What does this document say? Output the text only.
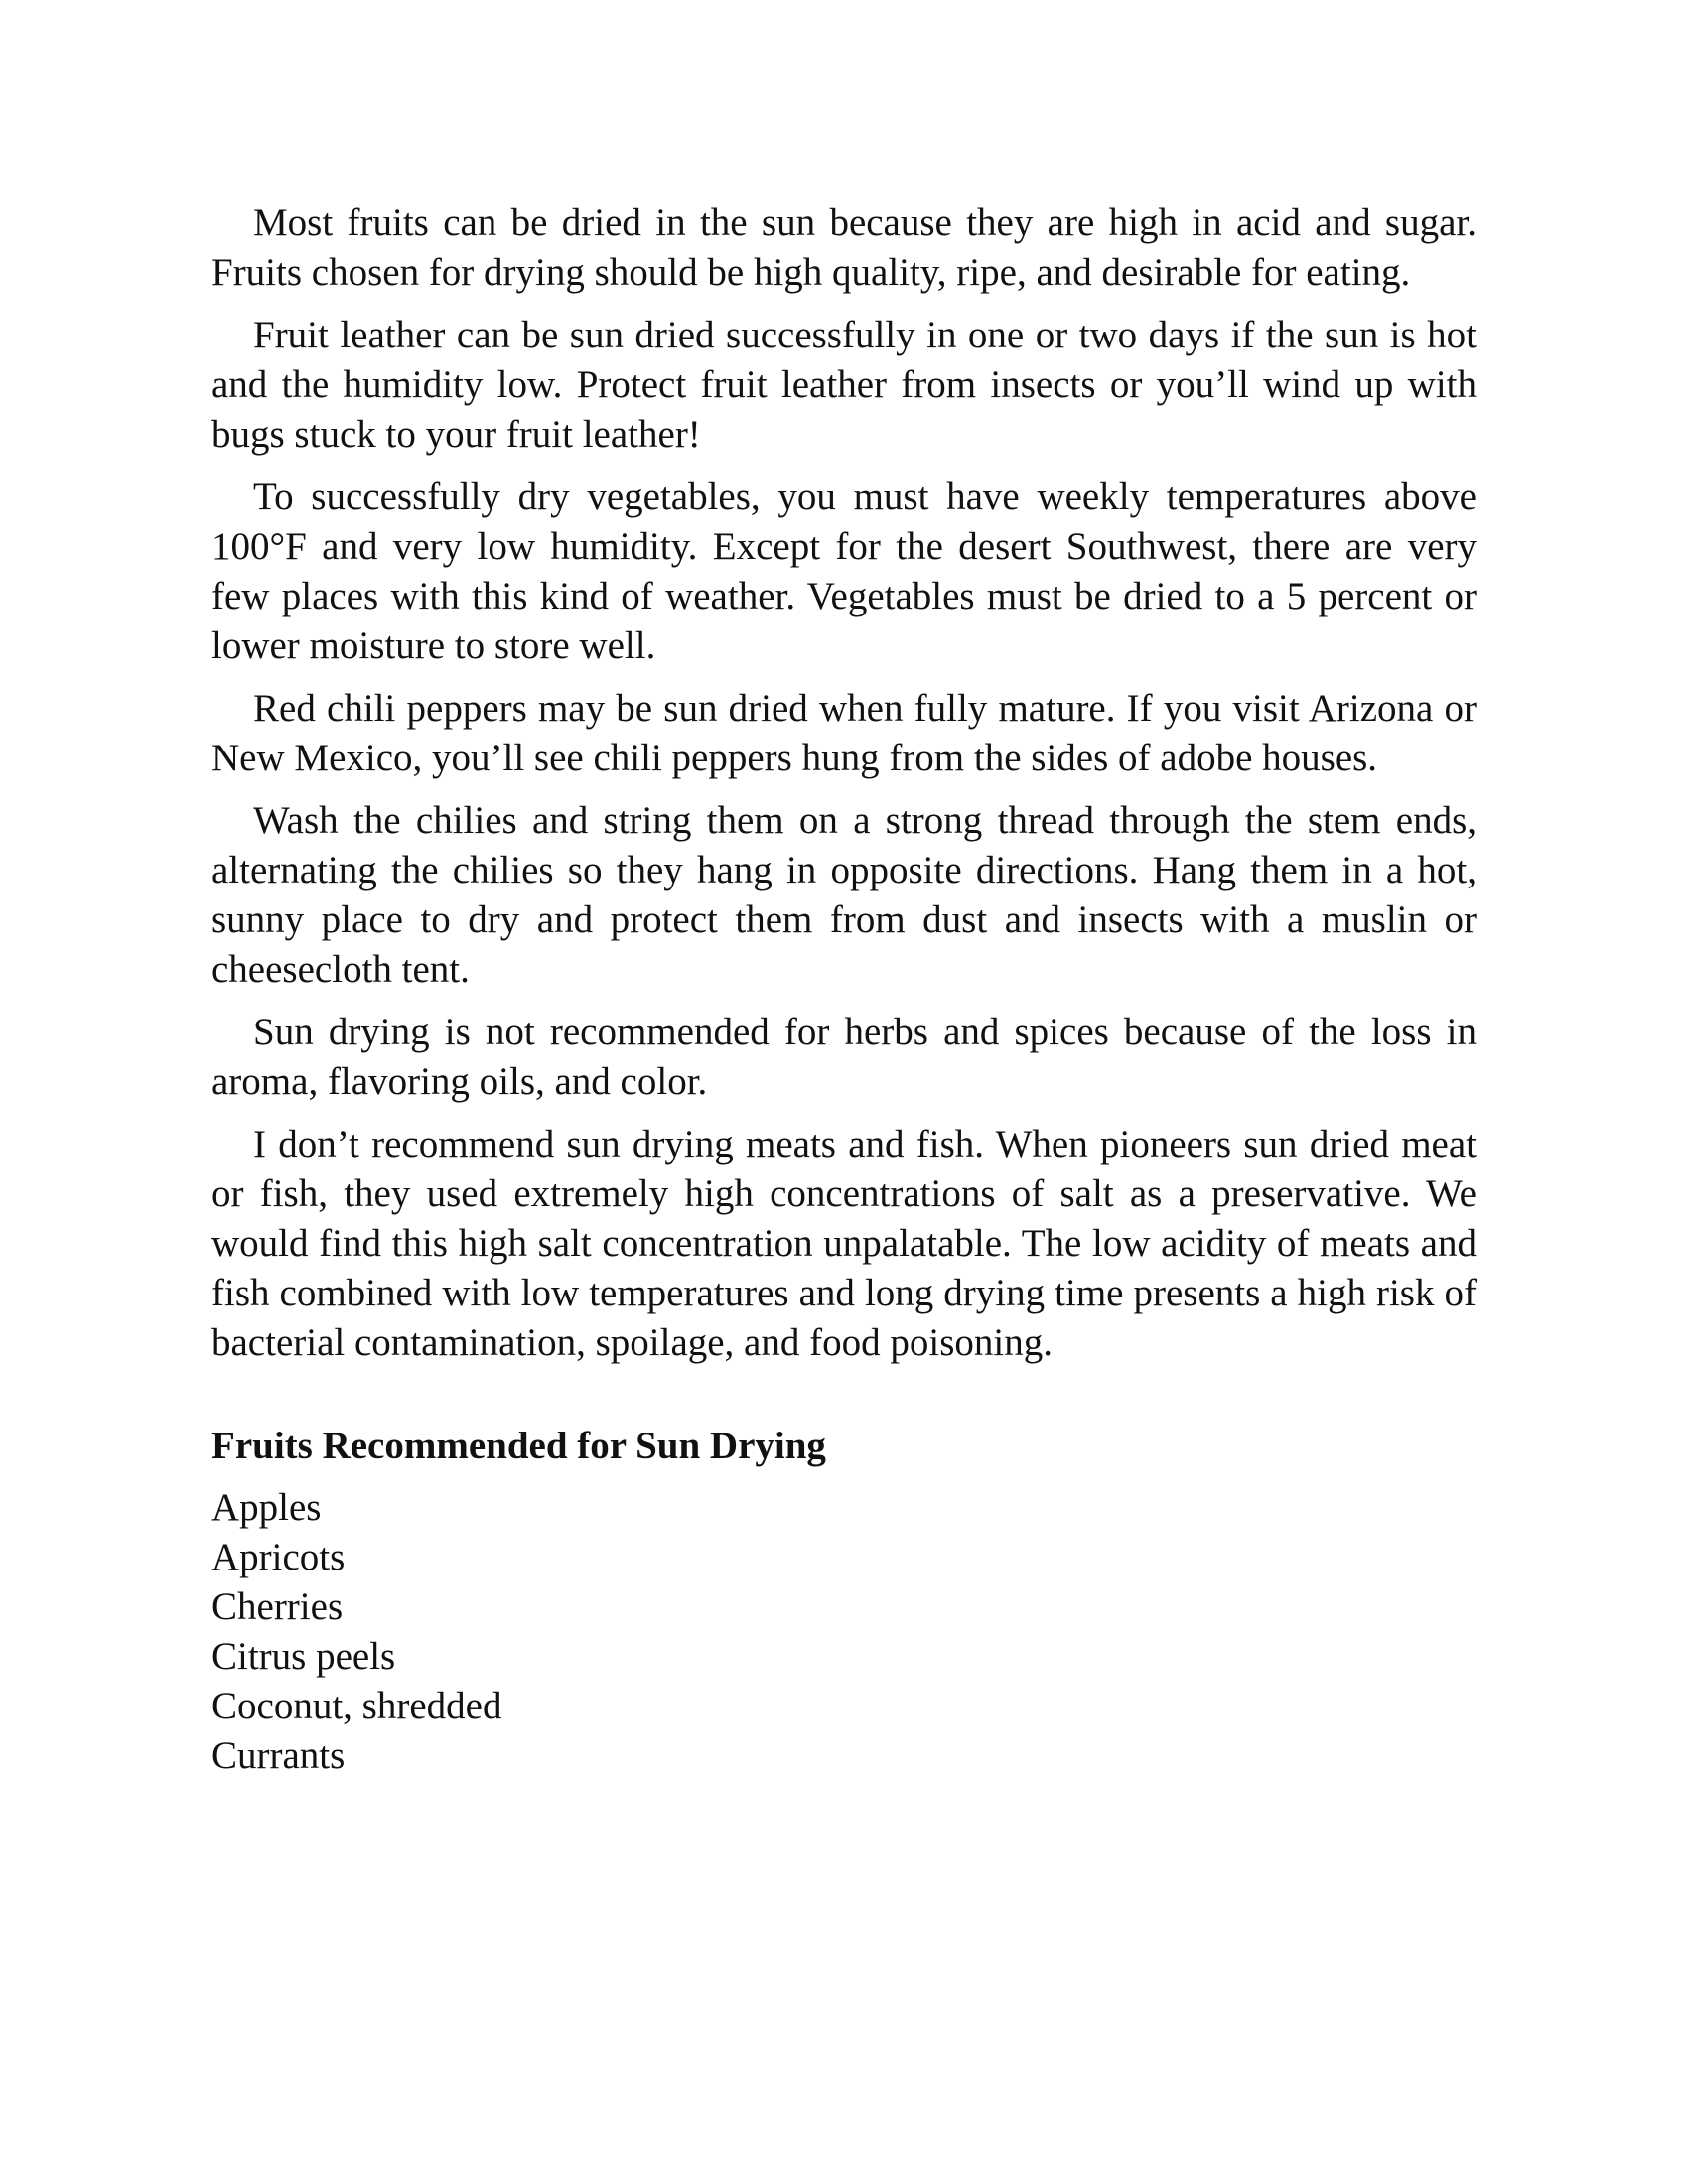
Most fruits can be dried in the sun because they are high in acid and sugar. Fruits chosen for drying should be high quality, ripe, and desirable for eating.

Fruit leather can be sun dried successfully in one or two days if the sun is hot and the humidity low. Protect fruit leather from insects or you’ll wind up with bugs stuck to your fruit leather!

To successfully dry vegetables, you must have weekly temperatures above 100°F and very low humidity. Except for the desert Southwest, there are very few places with this kind of weather. Vegetables must be dried to a 5 percent or lower moisture to store well.

Red chili peppers may be sun dried when fully mature. If you visit Arizona or New Mexico, you’ll see chili peppers hung from the sides of adobe houses.

Wash the chilies and string them on a strong thread through the stem ends, alternating the chilies so they hang in opposite directions. Hang them in a hot, sunny place to dry and protect them from dust and insects with a muslin or cheesecloth tent.

Sun drying is not recommended for herbs and spices because of the loss in aroma, flavoring oils, and color.

I don’t recommend sun drying meats and fish. When pioneers sun dried meat or fish, they used extremely high concentrations of salt as a preservative. We would find this high salt concentration unpalatable. The low acidity of meats and fish combined with low temperatures and long drying time presents a high risk of bacterial contamination, spoilage, and food poisoning.

Fruits Recommended for Sun Drying
Apples
Apricots
Cherries
Citrus peels
Coconut, shredded
Currants
